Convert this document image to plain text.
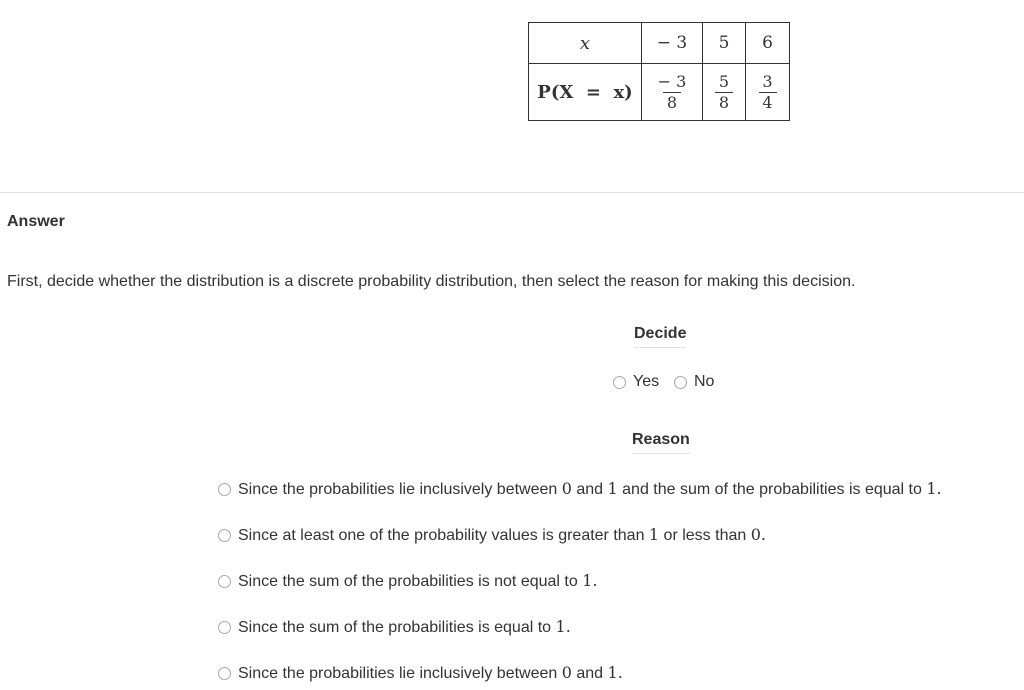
x	− 3	5	6
P(X  =  x)	$\frac{- 3}{8}$	$\frac{5}{8}$	$\frac{3}{4}$
Answer

First, decide whether the distribution is a discrete probability distribution, then select the reason for making this decision.

Decide
Yes No
Reason
Since the probabilities lie inclusively between 0 and 1 and the sum of the probabilities is equal to 1.
Since at least one of the probability values is greater than 1 or less than 0.
Since the sum of the probabilities is not equal to 1.
Since the sum of the probabilities is equal to 1.
Since the probabilities lie inclusively between 0 and 1.
